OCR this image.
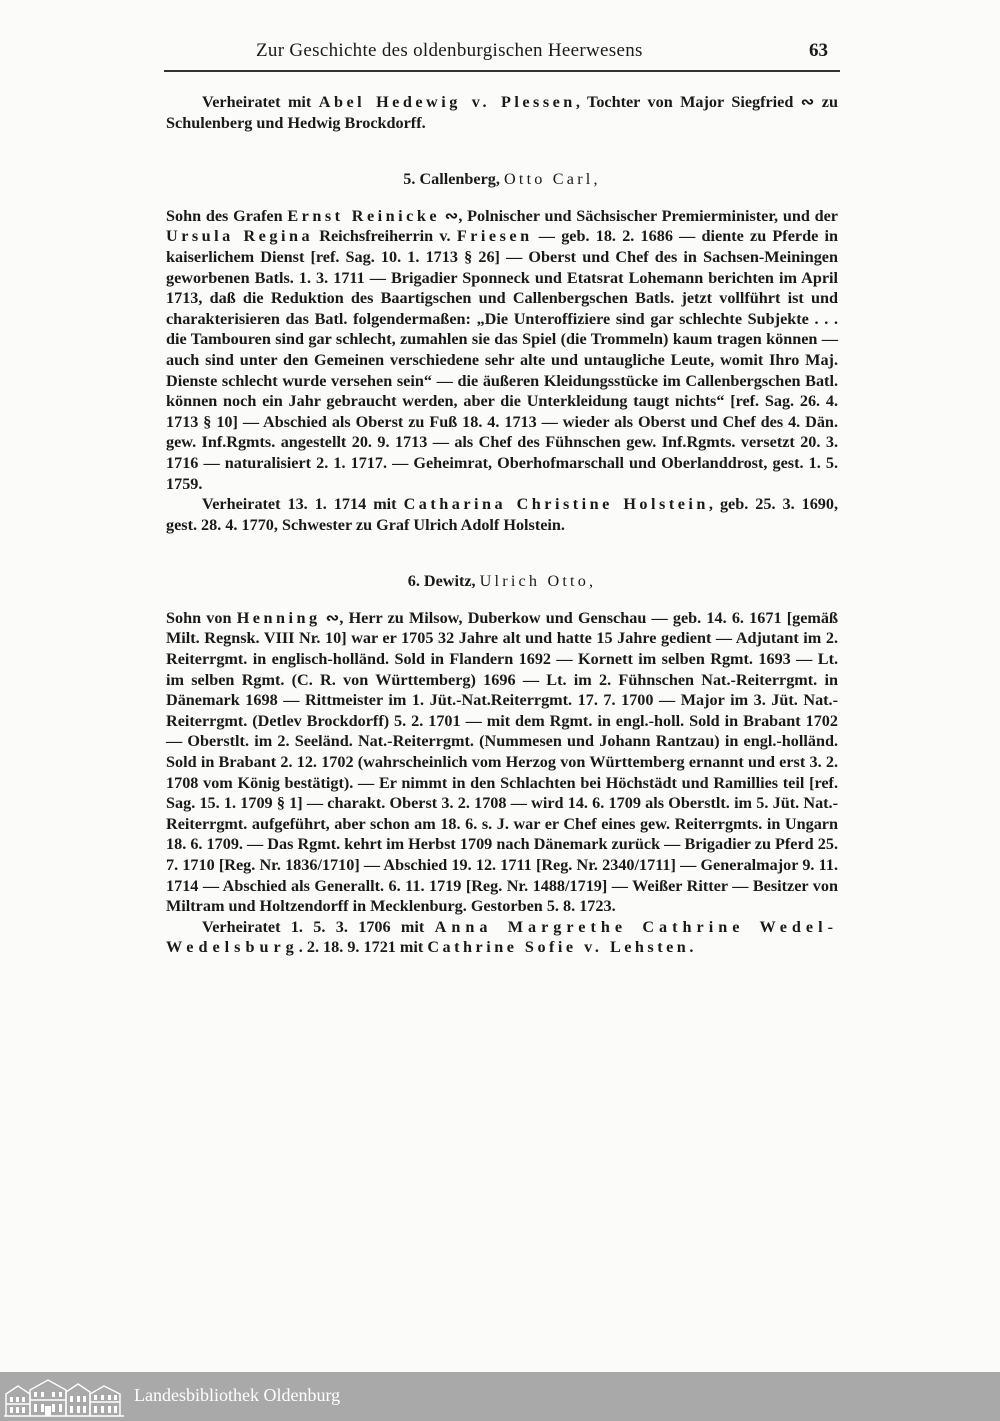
Zur Geschichte des oldenburgischen Heerwesens	63

Verheiratet mit Abel Hedewig v. Plessen, Tochter von Major Siegfried ∾ zu Schulenberg und Hedwig Brockdorff.

5. Callenberg, Otto Carl,

Sohn des Grafen Ernst Reinicke ∾, Polnischer und Sächsischer Premierminister, und der Ursula Regina Reichsfreiherrin v. Friesen — geb. 18. 2. 1686 — diente zu Pferde in kaiserlichem Dienst [ref. Sag. 10. 1. 1713 § 26] — Oberst und Chef des in Sachsen-Meiningen geworbenen Batls. 1. 3. 1711 — Brigadier Sponneck und Etatsrat Lohemann berichten im April 1713, daß die Reduktion des Baartigschen und Callenbergschen Batls. jetzt vollführt ist und charakterisieren das Batl. folgendermaßen: „Die Unteroffiziere sind gar schlechte Subjekte . . . die Tambouren sind gar schlecht, zumahlen sie das Spiel (die Trommeln) kaum tragen können — auch sind unter den Gemeinen verschiedene sehr alte und untaugliche Leute, womit Ihro Maj. Dienste schlecht wurde versehen sein“ — die äußeren Kleidungsstücke im Callenbergschen Batl. können noch ein Jahr gebraucht werden, aber die Unterkleidung taugt nichts“ [ref. Sag. 26. 4. 1713 § 10] — Abschied als Oberst zu Fuß 18. 4. 1713 — wieder als Oberst und Chef des 4. Dän. gew. Inf.Rgmts. angestellt 20. 9. 1713 — als Chef des Fühnschen gew. Inf.Rgmts. versetzt 20. 3. 1716 — naturalisiert 2. 1. 1717. — Geheimrat, Oberhofmarschall und Oberlanddrost, gest. 1. 5. 1759.

Verheiratet 13. 1. 1714 mit Catharina Christine Holstein, geb. 25. 3. 1690, gest. 28. 4. 1770, Schwester zu Graf Ulrich Adolf Holstein.

6. Dewitz, Ulrich Otto,

Sohn von Henning ∾, Herr zu Milsow, Duberkow und Genschau — geb. 14. 6. 1671 [gemäß Milt. Regnsk. VIII Nr. 10] war er 1705 32 Jahre alt und hatte 15 Jahre gedient — Adjutant im 2. Reiterrgmt. in englisch-holländ. Sold in Flandern 1692 — Kornett im selben Rgmt. 1693 — Lt. im selben Rgmt. (C. R. von Württemberg) 1696 — Lt. im 2. Fühnschen Nat.-Reiterrgmt. in Dänemark 1698 — Rittmeister im 1. Jüt.-Nat.Reiterrgmt. 17. 7. 1700 — Major im 3. Jüt. Nat.-Reiterrgmt. (Detlev Brockdorff) 5. 2. 1701 — mit dem Rgmt. in engl.-holl. Sold in Brabant 1702 — Oberstlt. im 2. Seeländ. Nat.-Reiterrgmt. (Nummesen und Johann Rantzau) in engl.-holländ. Sold in Brabant 2. 12. 1702 (wahrscheinlich vom Herzog von Württemberg ernannt und erst 3. 2. 1708 vom König bestätigt). — Er nimmt in den Schlachten bei Höchstädt und Ramillies teil [ref. Sag. 15. 1. 1709 § 1] — charakt. Oberst 3. 2. 1708 — wird 14. 6. 1709 als Oberstlt. im 5. Jüt. Nat.-Reiterrgmt. aufgeführt, aber schon am 18. 6. s. J. war er Chef eines gew. Reiterrgmts. in Ungarn 18. 6. 1709. — Das Rgmt. kehrt im Herbst 1709 nach Dänemark zurück — Brigadier zu Pferd 25. 7. 1710 [Reg. Nr. 1836/1710] — Abschied 19. 12. 1711 [Reg. Nr. 2340/1711] — Generalmajor 9. 11. 1714 — Abschied als Generallt. 6. 11. 1719 [Reg. Nr. 1488/1719] — Weißer Ritter — Besitzer von Miltram und Holtzendorff in Mecklenburg. Gestorben 5. 8. 1723.

Verheiratet 1. 5. 3. 1706 mit Anna Margrethe Cathrine Wedel-Wedelsburg. 2. 18. 9. 1721 mit Cathrine Sofie v. Lehsten.

Landesbibliothek Oldenburg
